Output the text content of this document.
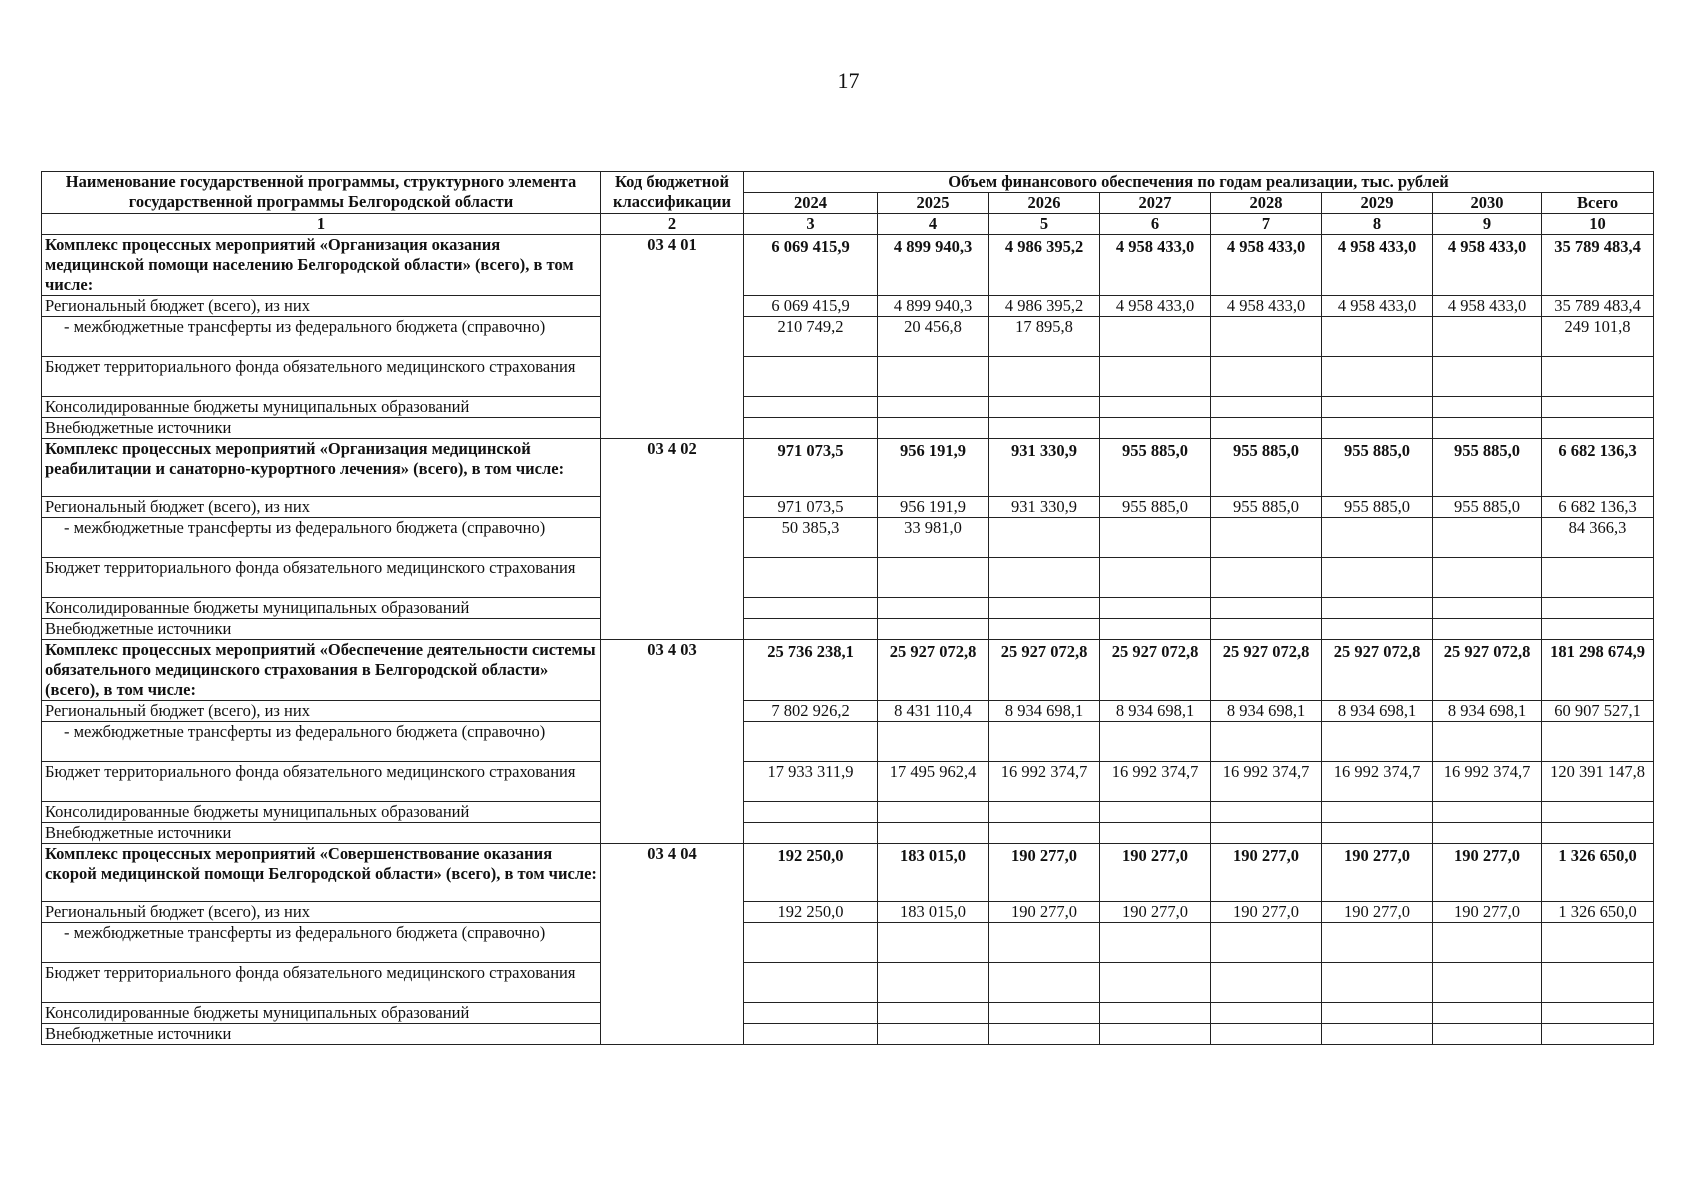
17
Наименование государственной программы, структурного элемента государственной программы Белгородской области	Код бюджетной классификации	Объем финансового обеспечения по годам реализации, тыс. рублей							
		2024	2025	2026	2027	2028	2029	2030	Всего
1	2	3	4	5	6	7	8	9	10
Комплекс процессных мероприятий «Организация оказания медицинской помощи населению Белгородской области» (всего), в том числе:	03 4 01	6 069 415,9	4 899 940,3	4 986 395,2	4 958 433,0	4 958 433,0	4 958 433,0	4 958 433,0	35 789 483,4
Региональный бюджет (всего), из них		6 069 415,9	4 899 940,3	4 986 395,2	4 958 433,0	4 958 433,0	4 958 433,0	4 958 433,0	35 789 483,4
- межбюджетные трансферты из федерального бюджета (справочно)		210 749,2	20 456,8	17 895,8					249 101,8
Бюджет территориального фонда обязательного медицинского страхования									
Консолидированные бюджеты муниципальных образований									
Внебюджетные источники									
Комплекс процессных мероприятий «Организация медицинской реабилитации и санаторно-курортного лечения» (всего), в том числе:	03 4 02	971 073,5	956 191,9	931 330,9	955 885,0	955 885,0	955 885,0	955 885,0	6 682 136,3
Региональный бюджет (всего), из них		971 073,5	956 191,9	931 330,9	955 885,0	955 885,0	955 885,0	955 885,0	6 682 136,3
- межбюджетные трансферты из федерального бюджета (справочно)		50 385,3	33 981,0						84 366,3
Бюджет территориального фонда обязательного медицинского страхования									
Консолидированные бюджеты муниципальных образований									
Внебюджетные источники									
Комплекс процессных мероприятий «Обеспечение деятельности системы обязательного медицинского страхования в Белгородской области» (всего), в том числе:	03 4 03	25 736 238,1	25 927 072,8	25 927 072,8	25 927 072,8	25 927 072,8	25 927 072,8	25 927 072,8	181 298 674,9
Региональный бюджет (всего), из них		7 802 926,2	8 431 110,4	8 934 698,1	8 934 698,1	8 934 698,1	8 934 698,1	8 934 698,1	60 907 527,1
- межбюджетные трансферты из федерального бюджета (справочно)									
Бюджет территориального фонда обязательного медицинского страхования		17 933 311,9	17 495 962,4	16 992 374,7	16 992 374,7	16 992 374,7	16 992 374,7	16 992 374,7	120 391 147,8
Консолидированные бюджеты муниципальных образований									
Внебюджетные источники									
Комплекс процессных мероприятий «Совершенствование оказания скорой медицинской помощи Белгородской области» (всего), в том числе:	03 4 04	192 250,0	183 015,0	190 277,0	190 277,0	190 277,0	190 277,0	190 277,0	1 326 650,0
Региональный бюджет (всего), из них		192 250,0	183 015,0	190 277,0	190 277,0	190 277,0	190 277,0	190 277,0	1 326 650,0
- межбюджетные трансферты из федерального бюджета (справочно)									
Бюджет территориального фонда обязательного медицинского страхования									
Консолидированные бюджеты муниципальных образований									
Внебюджетные источники									
